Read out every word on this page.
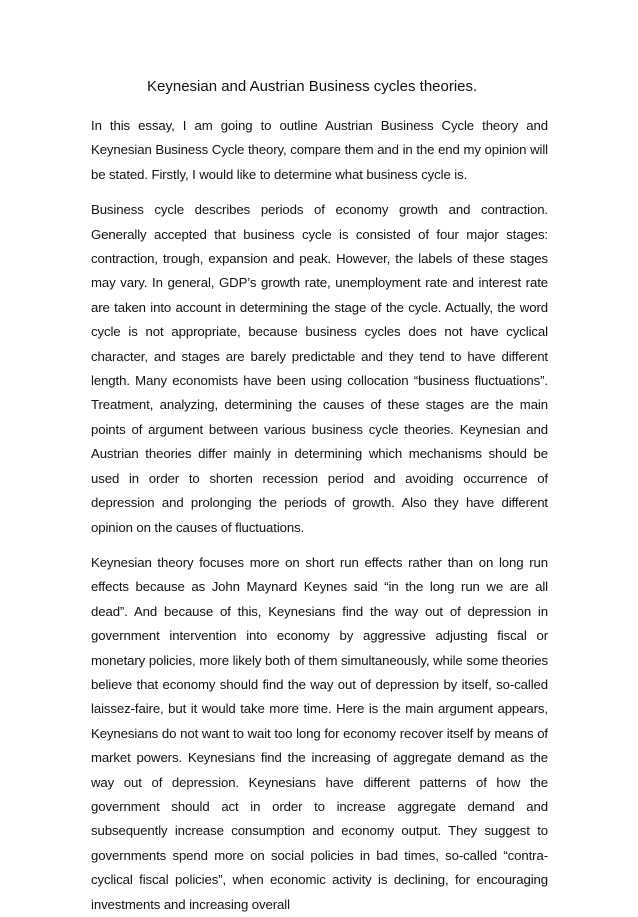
Keynesian and Austrian Business cycles theories.

In this essay, I am going to outline Austrian Business Cycle theory and Keynesian Business Cycle theory, compare them and in the end my opinion will be stated. Firstly, I would like to determine what business cycle is.

Business cycle describes periods of economy growth and contraction. Generally accepted that business cycle is consisted of four major stages: contraction, trough, expansion and peak. However, the labels of these stages may vary. In general, GDP’s growth rate, unemployment rate and interest rate are taken into account in determining the stage of the cycle. Actually, the word cycle is not appropriate, because business cycles does not have cyclical character, and stages are barely predictable and they tend to have different length. Many economists have been using collocation “business fluctuations”. Treatment, analyzing, determining the causes of these stages are the main points of argument between various business cycle theories. Keynesian and Austrian theories differ mainly in determining which mechanisms should be used in order to shorten recession period and avoiding occurrence of depression and prolonging the periods of growth. Also they have different opinion on the causes of fluctuations.

Keynesian theory focuses more on short run effects rather than on long run effects because as John Maynard Keynes said “in the long run we are all dead”. And because of this, Keynesians find the way out of depression in government intervention into economy by aggressive adjusting fiscal or monetary policies, more likely both of them simultaneously, while some theories believe that economy should find the way out of depression by itself, so-called laissez-faire, but it would take more time. Here is the main argument appears, Keynesians do not want to wait too long for economy recover itself by means of market powers. Keynesians find the increasing of aggregate demand as the way out of depression. Keynesians have different patterns of how the government should act in order to increase aggregate demand and subsequently increase consumption and economy output. They suggest to governments spend more on social policies in bad times, so-called “contra-cyclical fiscal policies”, when economic activity is declining, for encouraging investments and increasing overall
